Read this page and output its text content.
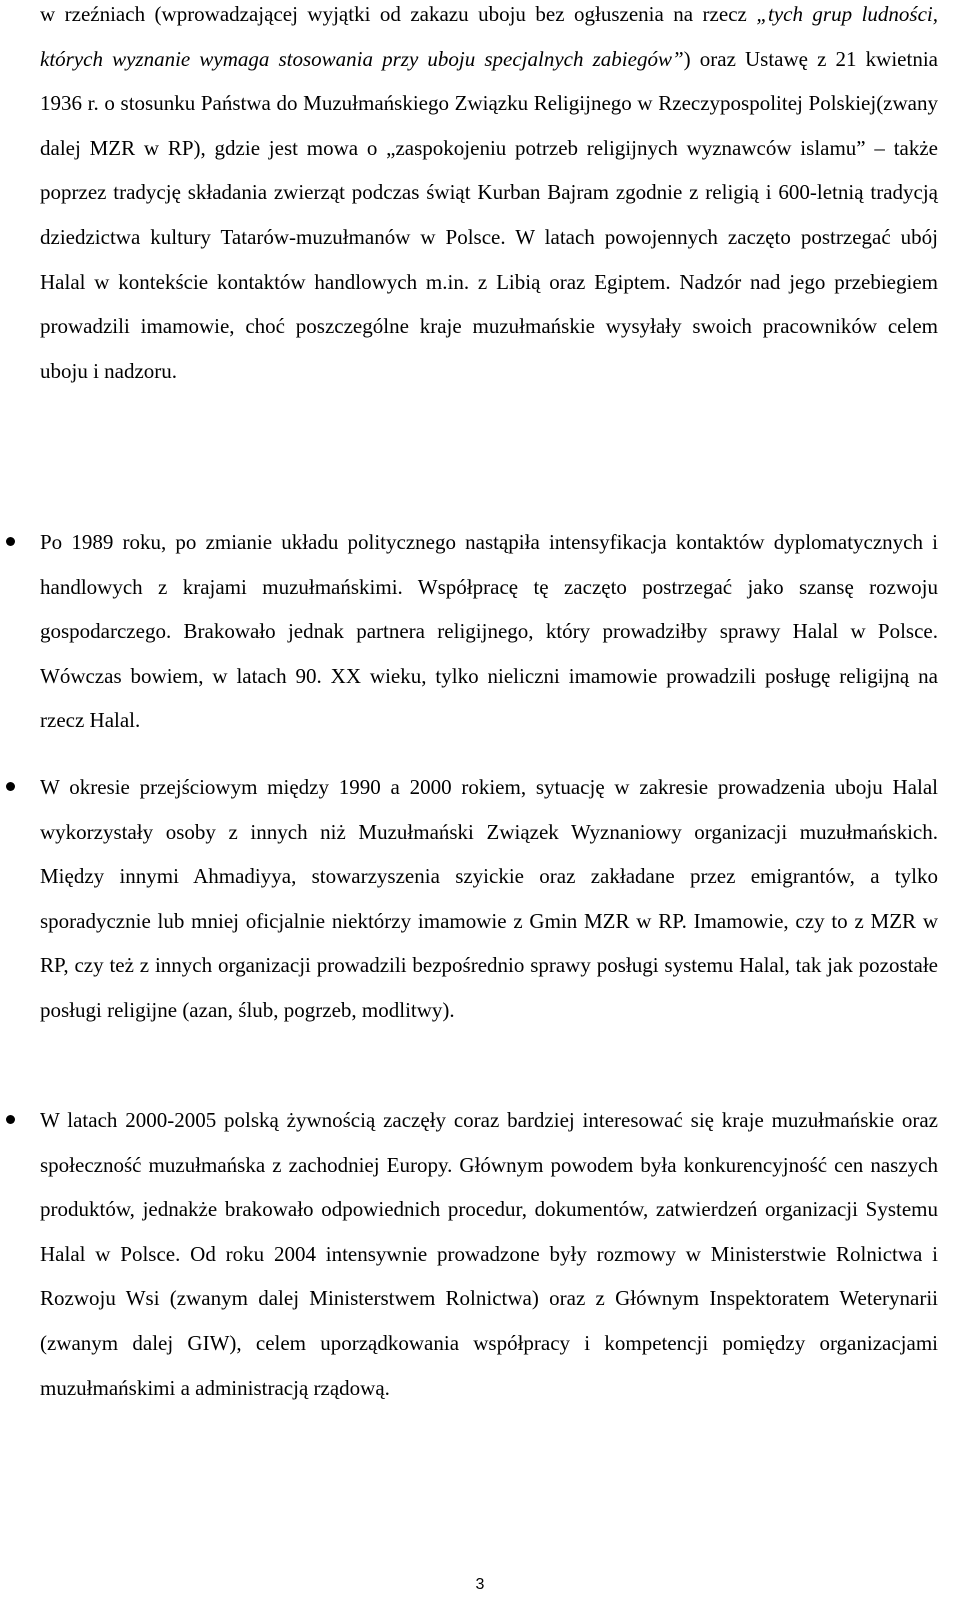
w rzeźniach (wprowadzającej wyjątki od zakazu uboju bez ogłuszenia na rzecz „tych grup ludności, których wyznanie wymaga stosowania przy uboju specjalnych zabiegów”) oraz Ustawę z 21 kwietnia 1936 r. o stosunku Państwa do Muzułmańskiego Związku Religijnego w Rzeczypospolitej Polskiej(zwany dalej MZR w RP), gdzie jest mowa o „zaspokojeniu potrzeb religijnych wyznawców islamu” – także poprzez tradycję składania zwierząt podczas świąt Kurban Bajram zgodnie z religią i 600-letnią tradycją dziedzictwa kultury Tatarów-muzułmanów w Polsce. W latach powojennych zaczęto postrzegać ubój Halal w kontekście kontaktów handlowych m.in. z Libią oraz Egiptem. Nadzór nad jego przebiegiem prowadzili imamowie, choć poszczególne kraje muzułmańskie wysyłały swoich pracowników celem uboju i nadzoru.

Po 1989 roku, po zmianie układu politycznego nastąpiła intensyfikacja kontaktów dyplomatycznych i handlowych z krajami muzułmańskimi. Współpracę tę zaczęto postrzegać jako szansę rozwoju gospodarczego. Brakowało jednak partnera religijnego, który prowadziłby sprawy Halal w Polsce. Wówczas bowiem, w latach 90. XX wieku, tylko nieliczni imamowie prowadzili posługę religijną na rzecz Halal.

W okresie przejściowym między 1990 a 2000 rokiem, sytuację w zakresie prowadzenia uboju Halal wykorzystały osoby z innych niż Muzułmański Związek Wyznaniowy organizacji muzułmańskich. Między innymi Ahmadiyya, stowarzyszenia szyickie oraz zakładane przez emigrantów, a tylko sporadycznie lub mniej oficjalnie niektórzy imamowie z Gmin MZR w RP. Imamowie, czy to z MZR w RP, czy też z innych organizacji prowadzili bezpośrednio sprawy posługi systemu Halal, tak jak pozostałe posługi religijne (azan, ślub, pogrzeb, modlitwy).

W latach 2000-2005 polską żywnością zaczęły coraz bardziej interesować się kraje muzułmańskie oraz społeczność muzułmańska z zachodniej Europy. Głównym powodem była konkurencyjność cen naszych produktów, jednakże brakowało odpowiednich procedur, dokumentów, zatwierdzeń organizacji Systemu Halal w Polsce. Od roku 2004 intensywnie prowadzone były rozmowy w Ministerstwie Rolnictwa i Rozwoju Wsi (zwanym dalej Ministerstwem Rolnictwa) oraz z Głównym Inspektoratem Weterynarii (zwanym dalej GIW), celem uporządkowania współpracy i kompetencji pomiędzy organizacjami muzułmańskimi a administracją rządową.

3
